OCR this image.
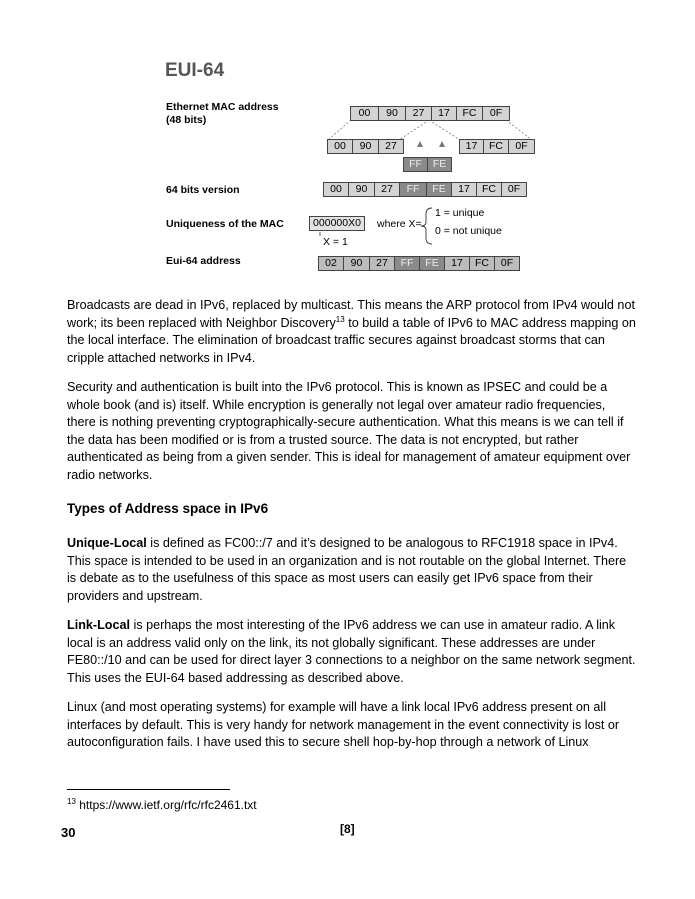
EUI-64
Ethernet MAC address
(48 bits)
00	90	27	17	FC	0F
00	90	27	17	FC	0F
FF	FE
64 bits version	00	90	27	FF	FE	17	FC	0F
Uniqueness of the MAC	000000X0
X = 1
where X=
1 = unique
0 = not unique
Eui-64 address	02	90	27	FF	FE	17	FC	0F

Broadcasts are dead in IPv6, replaced by multicast. This means the ARP protocol from IPv4 would not work; its been replaced with Neighbor Discovery$^{13}$ to build a table of IPv6 to MAC address mapping on the local interface. The elimination of broadcast traffic secures against broadcast storms that can cripple attached networks in IPv4.

Security and authentication is built into the IPv6 protocol. This is known as IPSEC and could be a whole book (and is) itself. While encryption is generally not legal over amateur radio frequencies, there is nothing preventing cryptographically-secure authentication. What this means is we can tell if the data has been modified or is from a trusted source. The data is not encrypted, but rather authenticated as being from a given sender. This is ideal for management of amateur equipment over radio networks.

Types of Address space in IPv6

Unique-Local is defined as FC00::/7 and it’s designed to be analogous to RFC1918 space in IPv4. This space is intended to be used in an organization and is not routable on the global Internet. There is debate as to the usefulness of this space as most users can easily get IPv6 space from their providers and upstream.

Link-Local is perhaps the most interesting of the IPv6 address we can use in amateur radio. A link local is an address valid only on the link, its not globally significant. These addresses are under FE80::/10 and can be used for direct layer 3 connections to a neighbor on the same network segment. This uses the EUI-64 based addressing as described above.

Linux (and most operating systems) for example will have a link local IPv6 address present on all interfaces by default. This is very handy for network management in the event connectivity is lost or autoconfiguration fails. I have used this to secure shell hop-by-hop through a network of Linux

$^{13}$ https://www.ietf.org/rfc/rfc2461.txt
30	[8]
